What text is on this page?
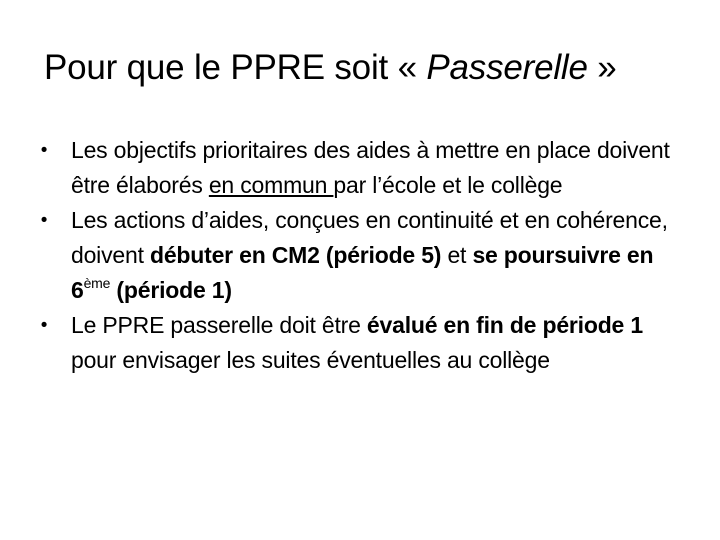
Pour que le PPRE soit « Passerelle »
•	Les objectifs prioritaires des aides à mettre en place doivent être élaborés en commun par l’école et le collège
•	Les actions d’aides, conçues en continuité et en cohérence, doivent débuter en CM2 (période 5) et se poursuivre en 6ème (période 1)
•	Le PPRE passerelle doit être évalué en fin de période 1 pour envisager les suites éventuelles au collège
